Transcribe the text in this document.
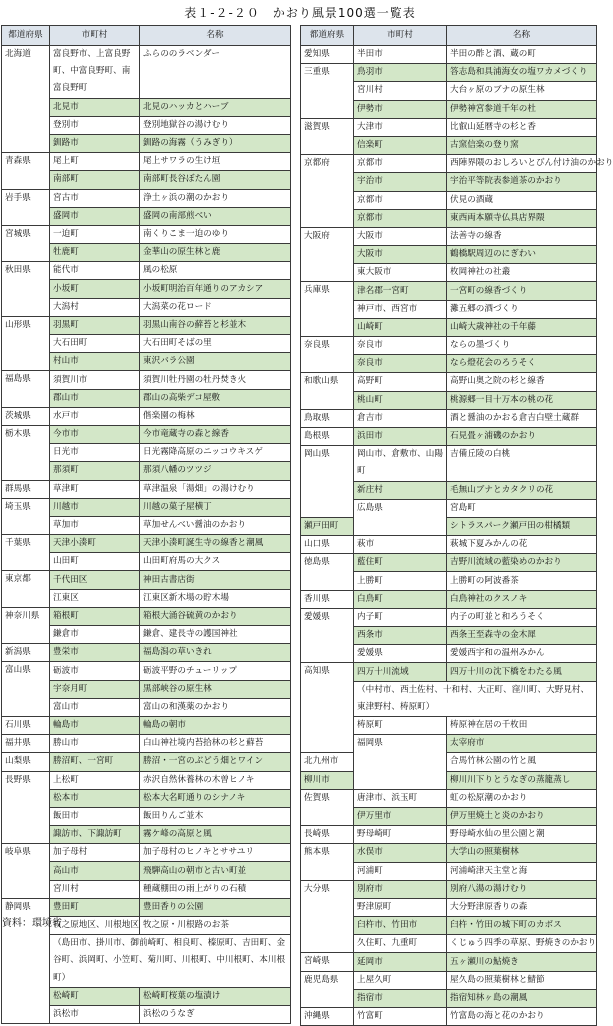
表１-２-２０　かおり風景100選一覧表
都道府県	市町村	名称
北海道	富良野市、上富良野町、中富良野町、南富良野町	ふらののラベンダー
	北見市	北見のハッカとハーブ
	登別市	登別地獄谷の湯けむり
	釧路市	釧路の海霧（うみぎり）
青森県	尾上町	尾上サワラの生け垣
	南部町	南部町長谷ぼたん園
岩手県	宮古市	浄土ヶ浜の潮のかおり
	盛岡市	盛岡の南部煎べい
宮城県	一迫町	南くりこま一迫のゆり
	牡鹿町	金華山の原生林と鹿
秋田県	能代市	風の松原
	小坂町	小坂町明治百年通りのアカシア
	大潟村	大潟菜の花ロード
山形県	羽黒町	羽黒山南谷の蘚苔と杉並木
	大石田町	大石田町そばの里
	村山市	東沢バラ公園
福島県	須賀川市	須賀川牡丹園の牡丹焚き火
	郡山市	郡山の高柴デコ屋敷
茨城県	水戸市	偕楽園の梅林
栃木県	今市市	今市竜蔵寺の森と線香
	日光市	日光霧降高原のニッコウキスゲ
	那須町	那須八幡のツツジ
群馬県	草津町	草津温泉「湯畑」の湯けむり
埼玉県	川越市	川越の菓子屋横丁
	草加市	草加せんべい醤油のかおり
千葉県	天津小湊町	天津小湊町誕生寺の線香と潮風
	山田町	山田町府馬の大クス
東京都	千代田区	神田古書店街
	江東区	江東区新木場の貯木場
神奈川県	箱根町	箱根大涌谷硫黄のかおり
	鎌倉市	鎌倉、建長寺の護国神社
新潟県	豊栄市	福島潟の草いきれ
富山県	砺波市	砺波平野のチューリップ
	宇奈月町	黒部峡谷の原生林
	富山市	富山の和漢薬のかおり
石川県	輪島市	輪島の朝市
福井県	勝山市	白山神社境内苔拾林の杉と蘚苔
山梨県	勝沼町、一宮町	勝沼・一宮のぶどう畑とワイン
長野県	上松町	赤沢自然休養林の木曽ヒノキ
	松本市	松本大名町通りのシナノキ
	飯田市	飯田りんご並木
	諏訪市、下諏訪町	霧ケ峰の高原と風
岐阜県	加子母村	加子母村のヒノキとササユリ
	高山市	飛騨高山の朝市と古い町並
	宮川村	種蔵棚田の雨上がりの石積
静岡県	豊田町	豊田香りの公園
	牧之原地区、川根地区	牧之原・川根路のお茶
	（島田市、掛川市、御前崎町、相良町、榛原町、吉田町、金谷町、浜岡町、小笠町、菊川町、川根町、中川根町、本川根町）	
	松崎町	松崎町桜葉の塩漬け
	浜松市	浜松のうなぎ
都道府県	市町村	名称	
愛知県	半田市	半田の酢と酒、蔵の町	
三重県	鳥羽市	答志島和具浦海女の塩ワカメづくり	
	宮川村	大台ヶ原のブナの原生林	
	伊勢市	伊勢神宮参道千年の杜	
滋賀県	大津市	比叡山延暦寺の杉と香	
	信楽町	古窯信楽の登り窯	
京都府	京都市	西陣界隈のおしろいとびん付け油のかおり	
	宇治市	宇治平等院表参道茶のかおり	
	京都市	伏見の酒蔵	
	京都市	東西両本願寺仏具店界隈	
大阪府	大阪市	法善寺の線香	
	大阪市	鶴橋駅周辺のにぎわい	
	東大阪市	枚岡神社の社叢	
兵庫県	津名郡一宮町	一宮町の線香づくり	
	神戸市、西宮市	灘五郷の酒づくり	
	山崎町	山崎大歳神社の千年藤	
奈良県	奈良市	ならの墨づくり	
	奈良市	なら燈花会のろうそく	
和歌山県	高野町	高野山奥之院の杉と線香	
	桃山町	桃源郷一目十万本の桃の花	
鳥取県	倉吉市	酒と醤油のかおる倉吉白壁土蔵群	
島根県	浜田市	石見畳ヶ浦磯のかおり	
岡山県	岡山市、倉敷市、山陽町	吉備丘陵の白桃	
	新庄村	毛無山ブナとカタクリの花	
	広島県	宮島町	
瀬戸田町		シトラスパーク瀬戸田の柑橘類	
山口県	萩市	萩城下夏みかんの花	
徳島県	藍住町	吉野川流域の藍染めのかおり	
	上勝町	上勝町の阿波番茶	
香川県	白鳥町	白鳥神社のクスノキ	
愛媛県	内子町	内子の町並と和ろうそく	
	西条市	西条王至森寺の金木犀	
	愛媛県	愛媛西宇和の温州みかん	
高知県	四万十川流域	四万十川の沈下橋をわたる風	
	（中村市、西土佐村、十和村、大正町、窪川町、大野見村、東津野村、梼原町）		
	梼原町	梼原神在居の千枚田	
	福岡県	太宰府市	
北九州市		合馬竹林公園の竹と風	
柳川市		柳川川下りとうなぎの蒸籠蒸し	
佐賀県	唐津市、浜玉町	虹の松原潮のかおり	
	伊万里市	伊万里焼土と炎のかおり	
長崎県	野母崎町	野母崎水仙の里公園と潮	
熊本県	水俣市	大学山の照葉樹林	
	河浦町	河浦崎津天主堂と海	
大分県	別府市	別府八湯の湯けむり	
	野津原町	大分野津原香りの森	
	臼杵市、竹田市	臼杵・竹田の城下町のカボス	
	久住町、九重町	くじゅう四季の草原、野焼きのかおり	
宮崎県	延岡市	五ヶ瀬川の鮎焼き	
鹿児島県	上屋久町	屋久島の照葉樹林と鯖節	
	指宿市	指宿知林ヶ島の潮風	
沖縄県	竹富町	竹富島の海と花のかおり	
資料：環境省
